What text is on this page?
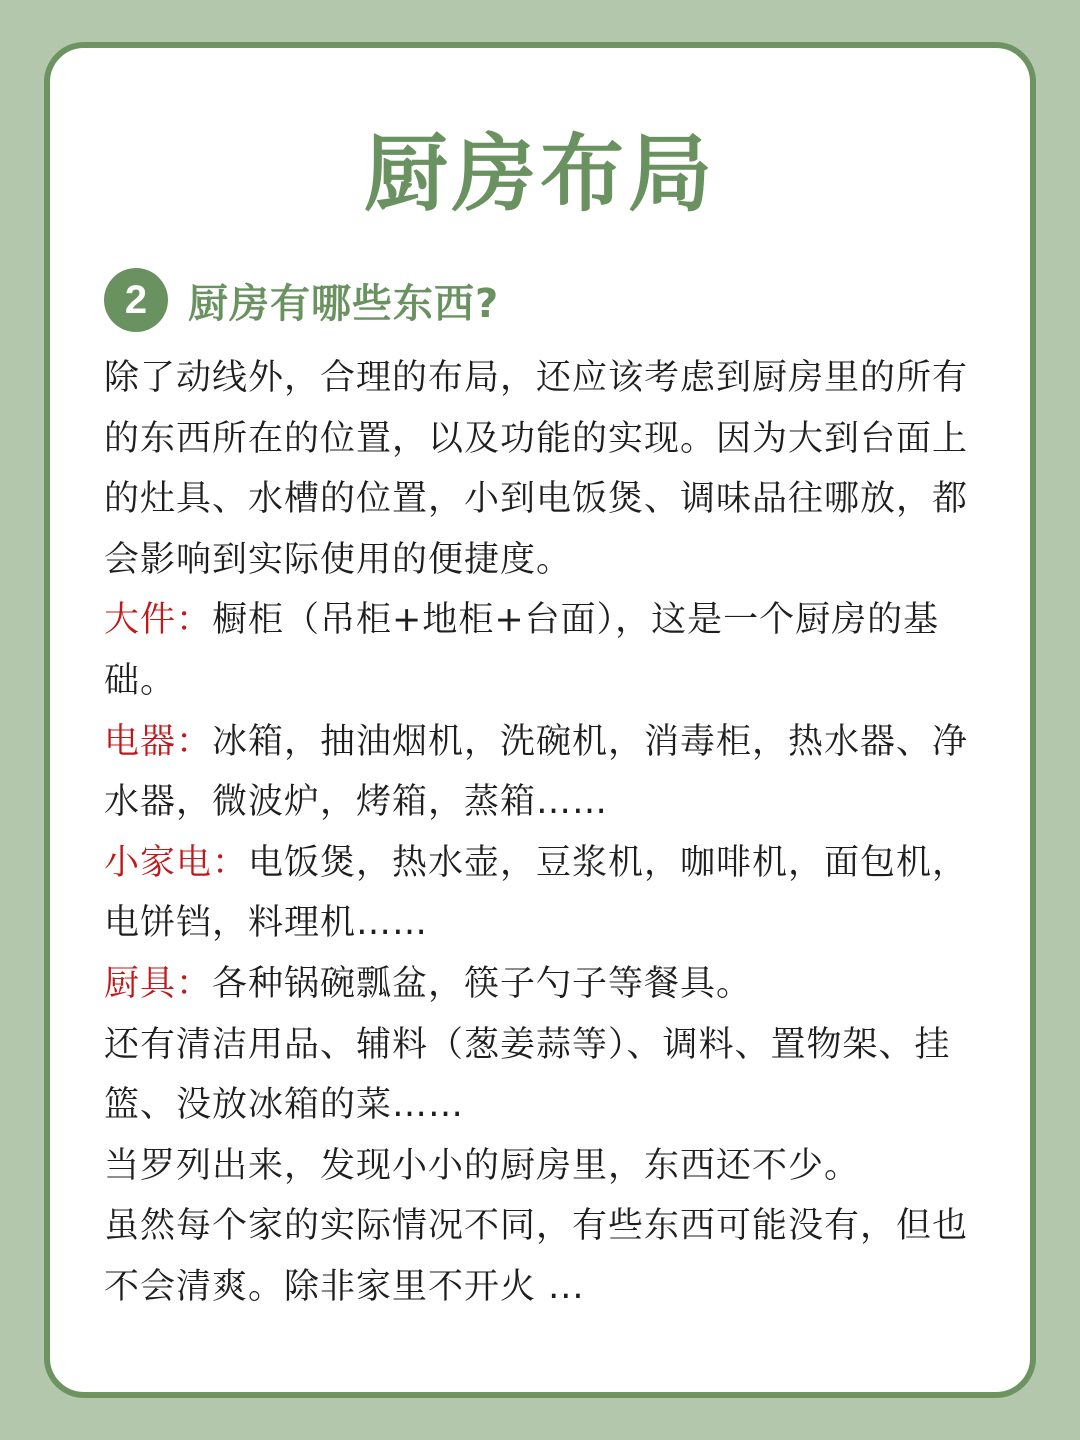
厨房布局
2	厨房有哪些东西?

除了动线外，合理的布局，还应该考虑到厨房里的所有的东西所在的位置，以及功能的实现。因为大到台面上的灶具、水槽的位置，小到电饭煲、调味品往哪放，都会影响到实际使用的便捷度。

大件：橱柜（吊柜+地柜+台面），这是一个厨房的基础。

电器：冰箱，抽油烟机，洗碗机，消毒柜，热水器、净水器，微波炉，烤箱，蒸箱……

小家电：电饭煲，热水壶，豆浆机，咖啡机，面包机，电饼铛，料理机……

厨具：各种锅碗瓢盆，筷子勺子等餐具。

还有清洁用品、辅料（葱姜蒜等）、调料、置物架、挂篮、没放冰箱的菜……

当罗列出来，发现小小的厨房里，东西还不少。

虽然每个家的实际情况不同，有些东西可能没有，但也不会清爽。除非家里不开火 ...
